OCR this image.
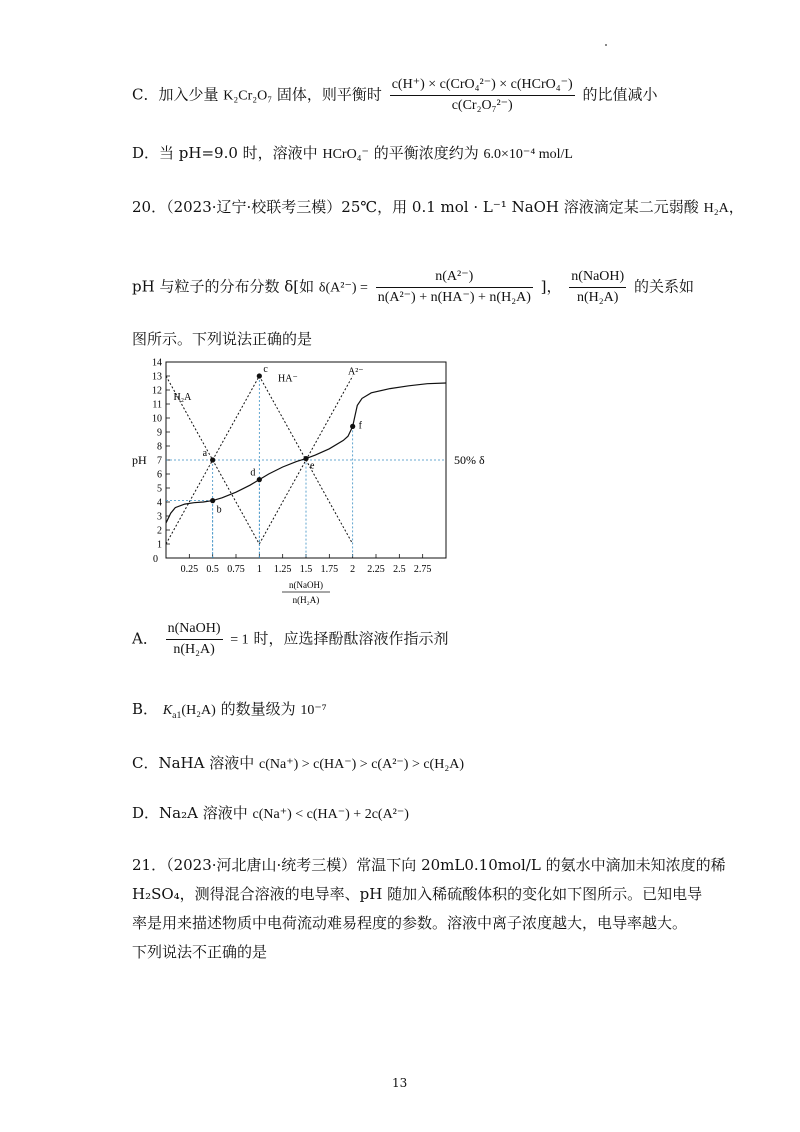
C．加入少量 K₂Cr₂O₇ 固体，则平衡时 $\frac{\text{c(H⁺) × c(CrO₄²⁻) × c(HCrO₄⁻)}}{\text{c(Cr₂O₇²⁻)}}$ 的比值减小
D．当 pH=9.0 时，溶液中 HCrO₄⁻ 的平衡浓度约为 6.0×10⁻⁴ mol/L
20．（2023·辽宁·校联考三模）25℃，用 0.1 mol · L⁻¹ NaOH 溶液滴定某二元弱酸 H₂A，
pH 与粒子的分布分数 δ[如 $\delta(A^{2-}) = \frac{\text{n(A²⁻)}}{\text{n(A²⁻) + n(HA⁻) + n(H₂A)}}$ ]， $\frac{\text{n(NaOH)}}{\text{n(H₂A)}}$ 的关系如
图所示。下列说法正确的是
1
2
3
4
5
6
7
8
9
10
11
12
13
14
0
0.25 0.5 0.75 1 1.25 1.5 1.75 2 2.25 2.5 2.75
pH
n(NaOH)
n(H₂A)
50% δ
H₂A
HA⁻
A²⁻
a
b
c
d
e
f
A． $\frac{\text{n(NaOH)}}{\text{n(H₂A)}} = 1$ 时，应选择酚酞溶液作指示剂
B． $K_{a1}(H_2A)$ 的数量级为 10⁻⁷
C．NaHA 溶液中 c(Na⁺) > c(HA⁻) > c(A²⁻) > c(H₂A)
D．Na₂A 溶液中 c(Na⁺) < c(HA⁻) + 2c(A²⁻)
21．（2023·河北唐山·统考三模）常温下向 20mL0.10mol/L 的氨水中滴加未知浓度的稀
H₂SO₄，测得混合溶液的电导率、pH 随加入稀硫酸体积的变化如下图所示。已知电导
率是用来描述物质中电荷流动难易程度的参数。溶液中离子浓度越大，电导率越大。
下列说法不正确的是
13
